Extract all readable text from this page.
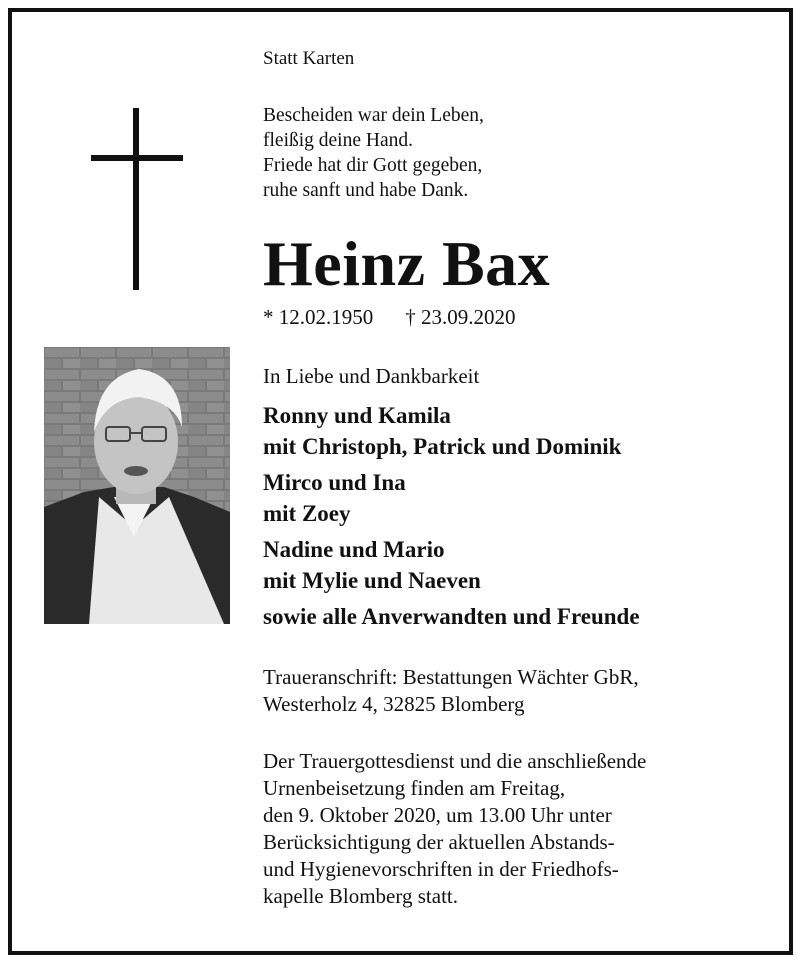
Statt Karten
Bescheiden war dein Leben,
fleißig deine Hand.
Friede hat dir Gott gegeben,
ruhe sanft und habe Dank.
Heinz Bax
* 12.02.1950 † 23.09.2020
In Liebe und Dankbarkeit
Ronny und Kamila
mit Christoph, Patrick und Dominik
Mirco und Ina
mit Zoey
Nadine und Mario
mit Mylie und Naeven
sowie alle Anverwandten und Freunde
Traueranschrift: Bestattungen Wächter GbR,
Westerholz 4, 32825 Blomberg
Der Trauergottesdienst und die anschließende
Urnenbeisetzung finden am Freitag,
den 9. Oktober 2020, um 13.00 Uhr unter
Berücksichtigung der aktuellen Abstands-
und Hygienevorschriften in der Friedhofs-
kapelle Blomberg statt.
